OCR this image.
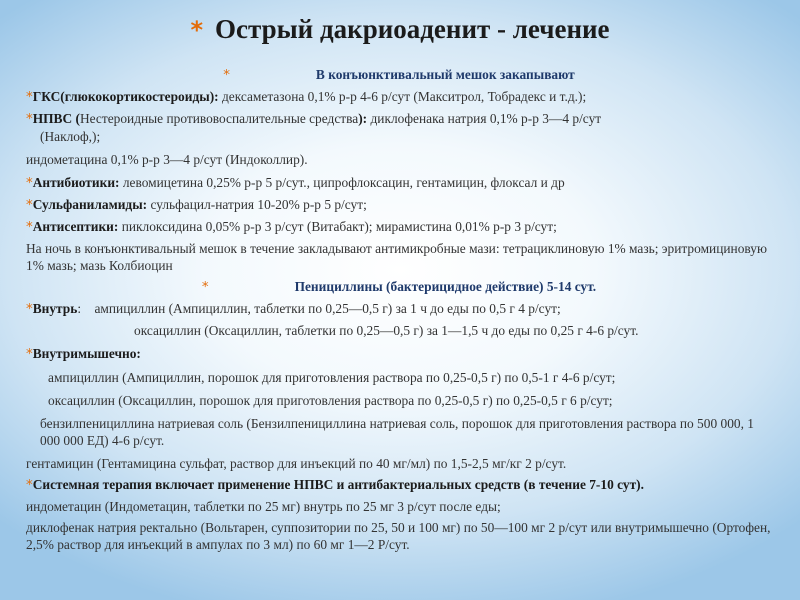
* Острый дакриоаденит - лечение
*	В конъюнктивальный мешок закапывают
*ГКС(глюкокортикостероиды): дексаметазона 0,1% р-р 4-6 р/сут (Макситрол, Тобрадекс и т.д.);
*НПВС (Нестероидные противовоспалительные средства): диклофенака натрия 0,1% р-р 3—4 р/сут
(Наклоф,);
индометацина 0,1% р-р 3—4 р/сут (Индоколлир).
*Антибиотики: левомицетина 0,25% р-р 5 р/сут., ципрофлоксацин, гентамицин, флоксал и др
*Сульфаниламиды: сульфацил-натрия 10-20% р-р 5 р/сут;
*Антисептики: пиклоксидина 0,05% р-р 3 р/сут (Витабакт); мирамистина 0,01% р-р 3 р/сут;
На ночь в конъюнктивальный мешок в течение закладывают антимикробные мази: тетрациклиновую 1% мазь; эритромициновую 1% мазь; мазь Колбиоцин
*	Пенициллины (бактерицидное действие) 5-14 сут.
*Внутрь: ампициллин (Ампициллин, таблетки по 0,25—0,5 г) за 1 ч до еды по 0,5 г 4 р/сут;
оксациллин (Оксациллин, таблетки по 0,25—0,5 г) за 1—1,5 ч до еды по 0,25 г 4-6 р/сут.
*Внутримышечно:
ампициллин (Ампициллин, порошок для приготовления раствора по 0,25-0,5 г) по 0,5-1 г 4-6 р/сут;
оксациллин (Оксациллин, порошок для приготовления раствора по 0,25-0,5 г) по 0,25-0,5 г 6 р/сут;
бензилпенициллина натриевая соль (Бензилпенициллина натриевая соль, порошок для приготовления раствора по 500 000, 1 000 000 ЕД) 4-6 р/сут.
гентамицин (Гентамицина сульфат, раствор для инъекций по 40 мг/мл) по 1,5-2,5 мг/кг 2 р/сут.
*Системная терапия включает применение НПВС и антибактериальных средств (в течение 7-10 сут).
индометацин (Индометацин, таблетки по 25 мг) внутрь по 25 мг 3 р/сут после еды;
диклофенак натрия ректально (Вольтарен, суппозитории по 25, 50 и 100 мг) по 50—100 мг 2 р/сут или внутримышечно (Ортофен, 2,5% раствор для инъекций в ампулах по 3 мл) по 60 мг 1—2 Р/сут.
